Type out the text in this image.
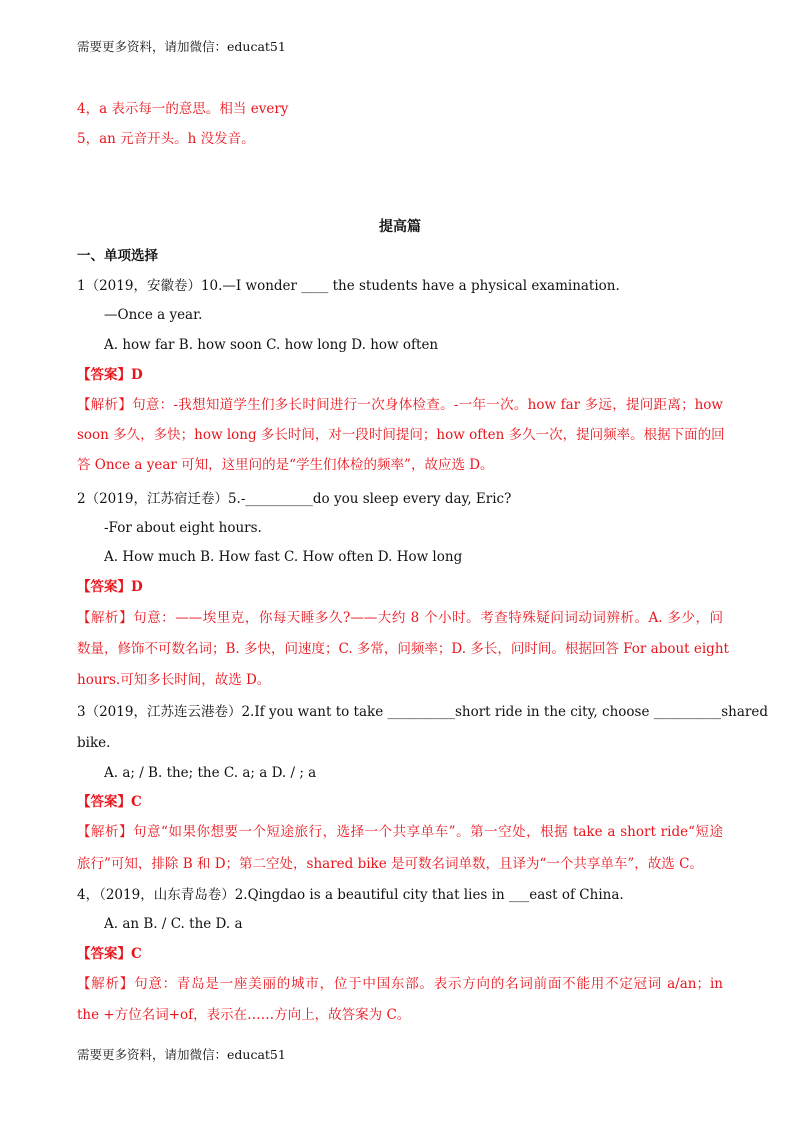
需要更多资料，请加微信：educat51
4，a 表示每一的意思。相当 every
5，an 元音开头。h 没发音。
提高篇
一、单项选择
1（2019，安徽卷）10.—I wonder ____ the students have a physical examination.
—Once a year.
A. how far B. how soon C. how long D. how often
【答案】D
【解析】句意：-我想知道学生们多长时间进行一次身体检查。-一年一次。how far 多远，提问距离；how
soon 多久，多快；how long 多长时间，对一段时间提问；how often 多久一次，提问频率。根据下面的回
答 Once a year 可知，这里问的是“学生们体检的频率”，故应选 D。
2（2019，江苏宿迁卷）5.-__________do you sleep every day, Eric?
-For about eight hours.
A. How much B. How fast C. How often D. How long
【答案】D
【解析】句意：——埃里克，你每天睡多久?——大约 8 个小时。考查特殊疑问词动词辨析。A. 多少，问
数量，修饰不可数名词；B. 多快，问速度；C. 多常，问频率；D. 多长，问时间。根据回答 For about eight
hours.可知多长时间，故选 D。
3（2019，江苏连云港卷）2.If you want to take __________short ride in the city, choose __________shared
bike.
A. a; / B. the; the C. a; a D. / ; a
【答案】C
【解析】句意“如果你想要一个短途旅行，选择一个共享单车”。第一空处，根据 take a short ride“短途
旅行”可知，排除 B 和 D；第二空处，shared bike 是可数名词单数，且译为“一个共享单车”，故选 C。
4，（2019，山东青岛卷）2.Qingdao is a beautiful city that lies in ___east of China.
A. an B. / C. the D. a
【答案】C
【解析】句意：青岛是一座美丽的城市，位于中国东部。表示方向的名词前面不能用不定冠词 a/an；in
the +方位名词+of，表示在……方向上，故答案为 C。
需要更多资料，请加微信：educat51
